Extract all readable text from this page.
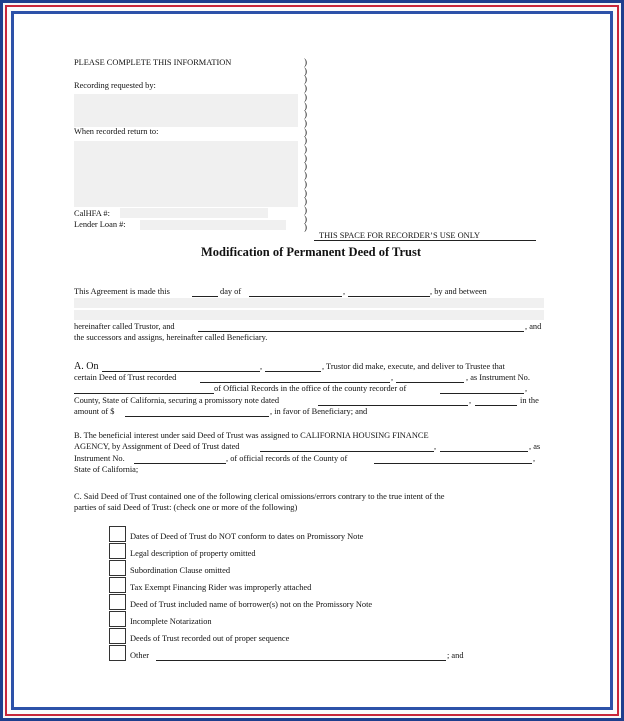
PLEASE COMPLETE THIS INFORMATION
Recording requested by:
When recorded return to:
CalHFA #:
Lender Loan #:
)
)
)
)
)
)
)
)
)
)
)
)
)
)
)
)
)
)
)
)
THIS SPACE FOR RECORDER’S USE ONLY
Modification of Permanent Deed of Trust
This Agreement is made this	day of	,	, by and between
hereinafter called Trustor, and	, and
the successors and assigns, hereinafter called Beneficiary.
A. On	,	, Trustor did make, execute, and deliver to Trustee that
certain Deed of Trust recorded	,	, as Instrument No.
of Official Records in the office of the county recorder of	,
County, State of California, securing a promissory note dated	,	in the
amount of $	, in favor of Beneficiary; and
B. The beneficial interest under said Deed of Trust was assigned to CALIFORNIA HOUSING FINANCE
AGENCY, by Assignment of Deed of Trust dated	,	, as
Instrument No.	, of official records of the County of	,
State of California;
C. Said Deed of Trust contained one of the following clerical omissions/errors contrary to the true intent of the
parties of said Deed of Trust: (check one or more of the following)
Dates of Deed of Trust do NOT conform to dates on Promissory Note
Legal description of property omitted
Subordination Clause omitted
Tax Exempt Financing Rider was improperly attached
Deed of Trust included name of borrower(s) not on the Promissory Note
Incomplete Notarization
Deeds of Trust recorded out of proper sequence
Other	; and
